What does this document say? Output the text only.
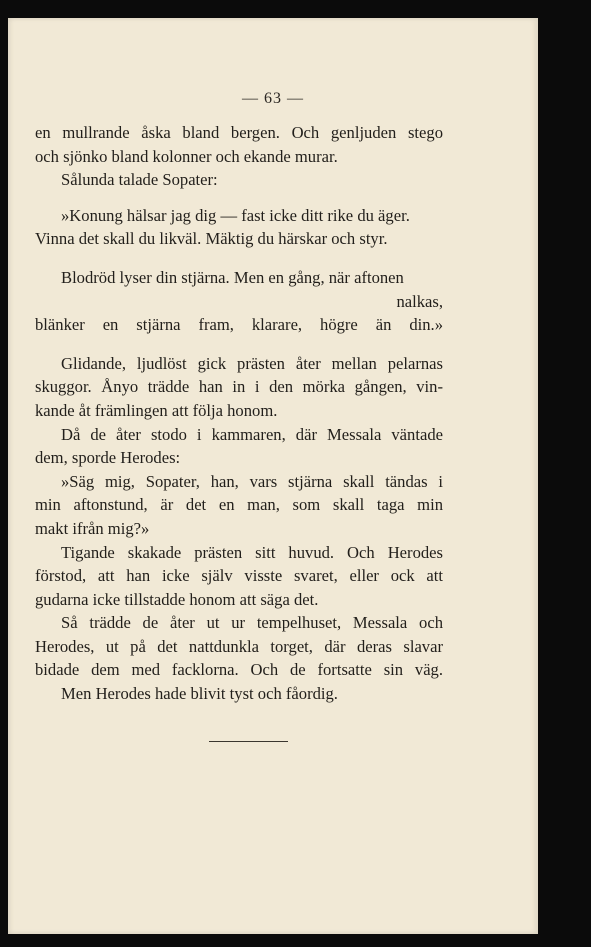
— 63 —

en mullrande åska bland bergen. Och genljuden stego

och sjönko bland kolonner och ekande murar.

Sålunda talade Sopater:

»Konung hälsar jag dig — fast icke ditt rike du äger.

Vinna det skall du likväl. Mäktig du härskar och styr.

Blodröd lyser din stjärna. Men en gång, när aftonen

nalkas,

blänker en stjärna fram, klarare, högre än din.»

Glidande, ljudlöst gick prästen åter mellan pelarnas

skuggor. Ånyo trädde han in i den mörka gången, vin-

kande åt främlingen att följa honom.

Då de åter stodo i kammaren, där Messala väntade

dem, sporde Herodes:

»Säg mig, Sopater, han, vars stjärna skall tändas i

min aftonstund, är det en man, som skall taga min

makt ifrån mig?»

Tigande skakade prästen sitt huvud. Och Herodes

förstod, att han icke själv visste svaret, eller ock att

gudarna icke tillstadde honom att säga det.

Så trädde de åter ut ur tempelhuset, Messala och

Herodes, ut på det nattdunkla torget, där deras slavar

bidade dem med facklorna. Och de fortsatte sin väg.

Men Herodes hade blivit tyst och fåordig.
